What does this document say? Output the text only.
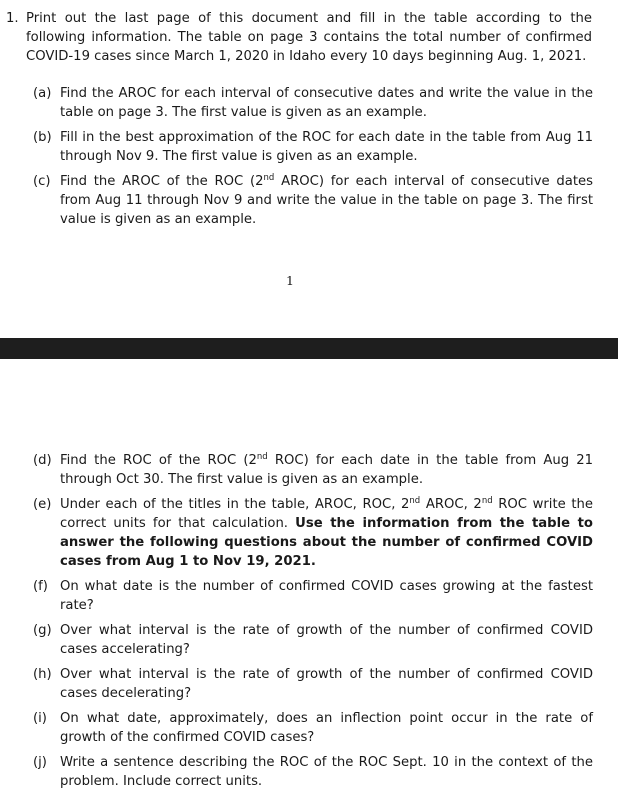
1. Print out the last page of this document and fill in the table according to the following information. The table on page 3 contains the total number of confirmed COVID-19 cases since March 1, 2020 in Idaho every 10 days beginning Aug. 1, 2021.
(a) Find the AROC for each interval of consecutive dates and write the value in the table on page 3. The first value is given as an example.
(b) Fill in the best approximation of the ROC for each date in the table from Aug 11 through Nov 9. The first value is given as an example.
(c) Find the AROC of the ROC (2nd AROC) for each interval of consecutive dates from Aug 11 through Nov 9 and write the value in the table on page 3. The first value is given as an example.
1
(d) Find the ROC of the ROC (2nd ROC) for each date in the table from Aug 21 through Oct 30. The first value is given as an example.
(e) Under each of the titles in the table, AROC, ROC, 2nd AROC, 2nd ROC write the correct units for that calculation. Use the information from the table to answer the following questions about the number of confirmed COVID cases from Aug 1 to Nov 19, 2021.
(f) On what date is the number of confirmed COVID cases growing at the fastest rate?
(g) Over what interval is the rate of growth of the number of confirmed COVID cases accelerating?
(h) Over what interval is the rate of growth of the number of confirmed COVID cases decelerating?
(i) On what date, approximately, does an inflection point occur in the rate of growth of the confirmed COVID cases?
(j) Write a sentence describing the ROC of the ROC Sept. 10 in the context of the problem. Include correct units.
